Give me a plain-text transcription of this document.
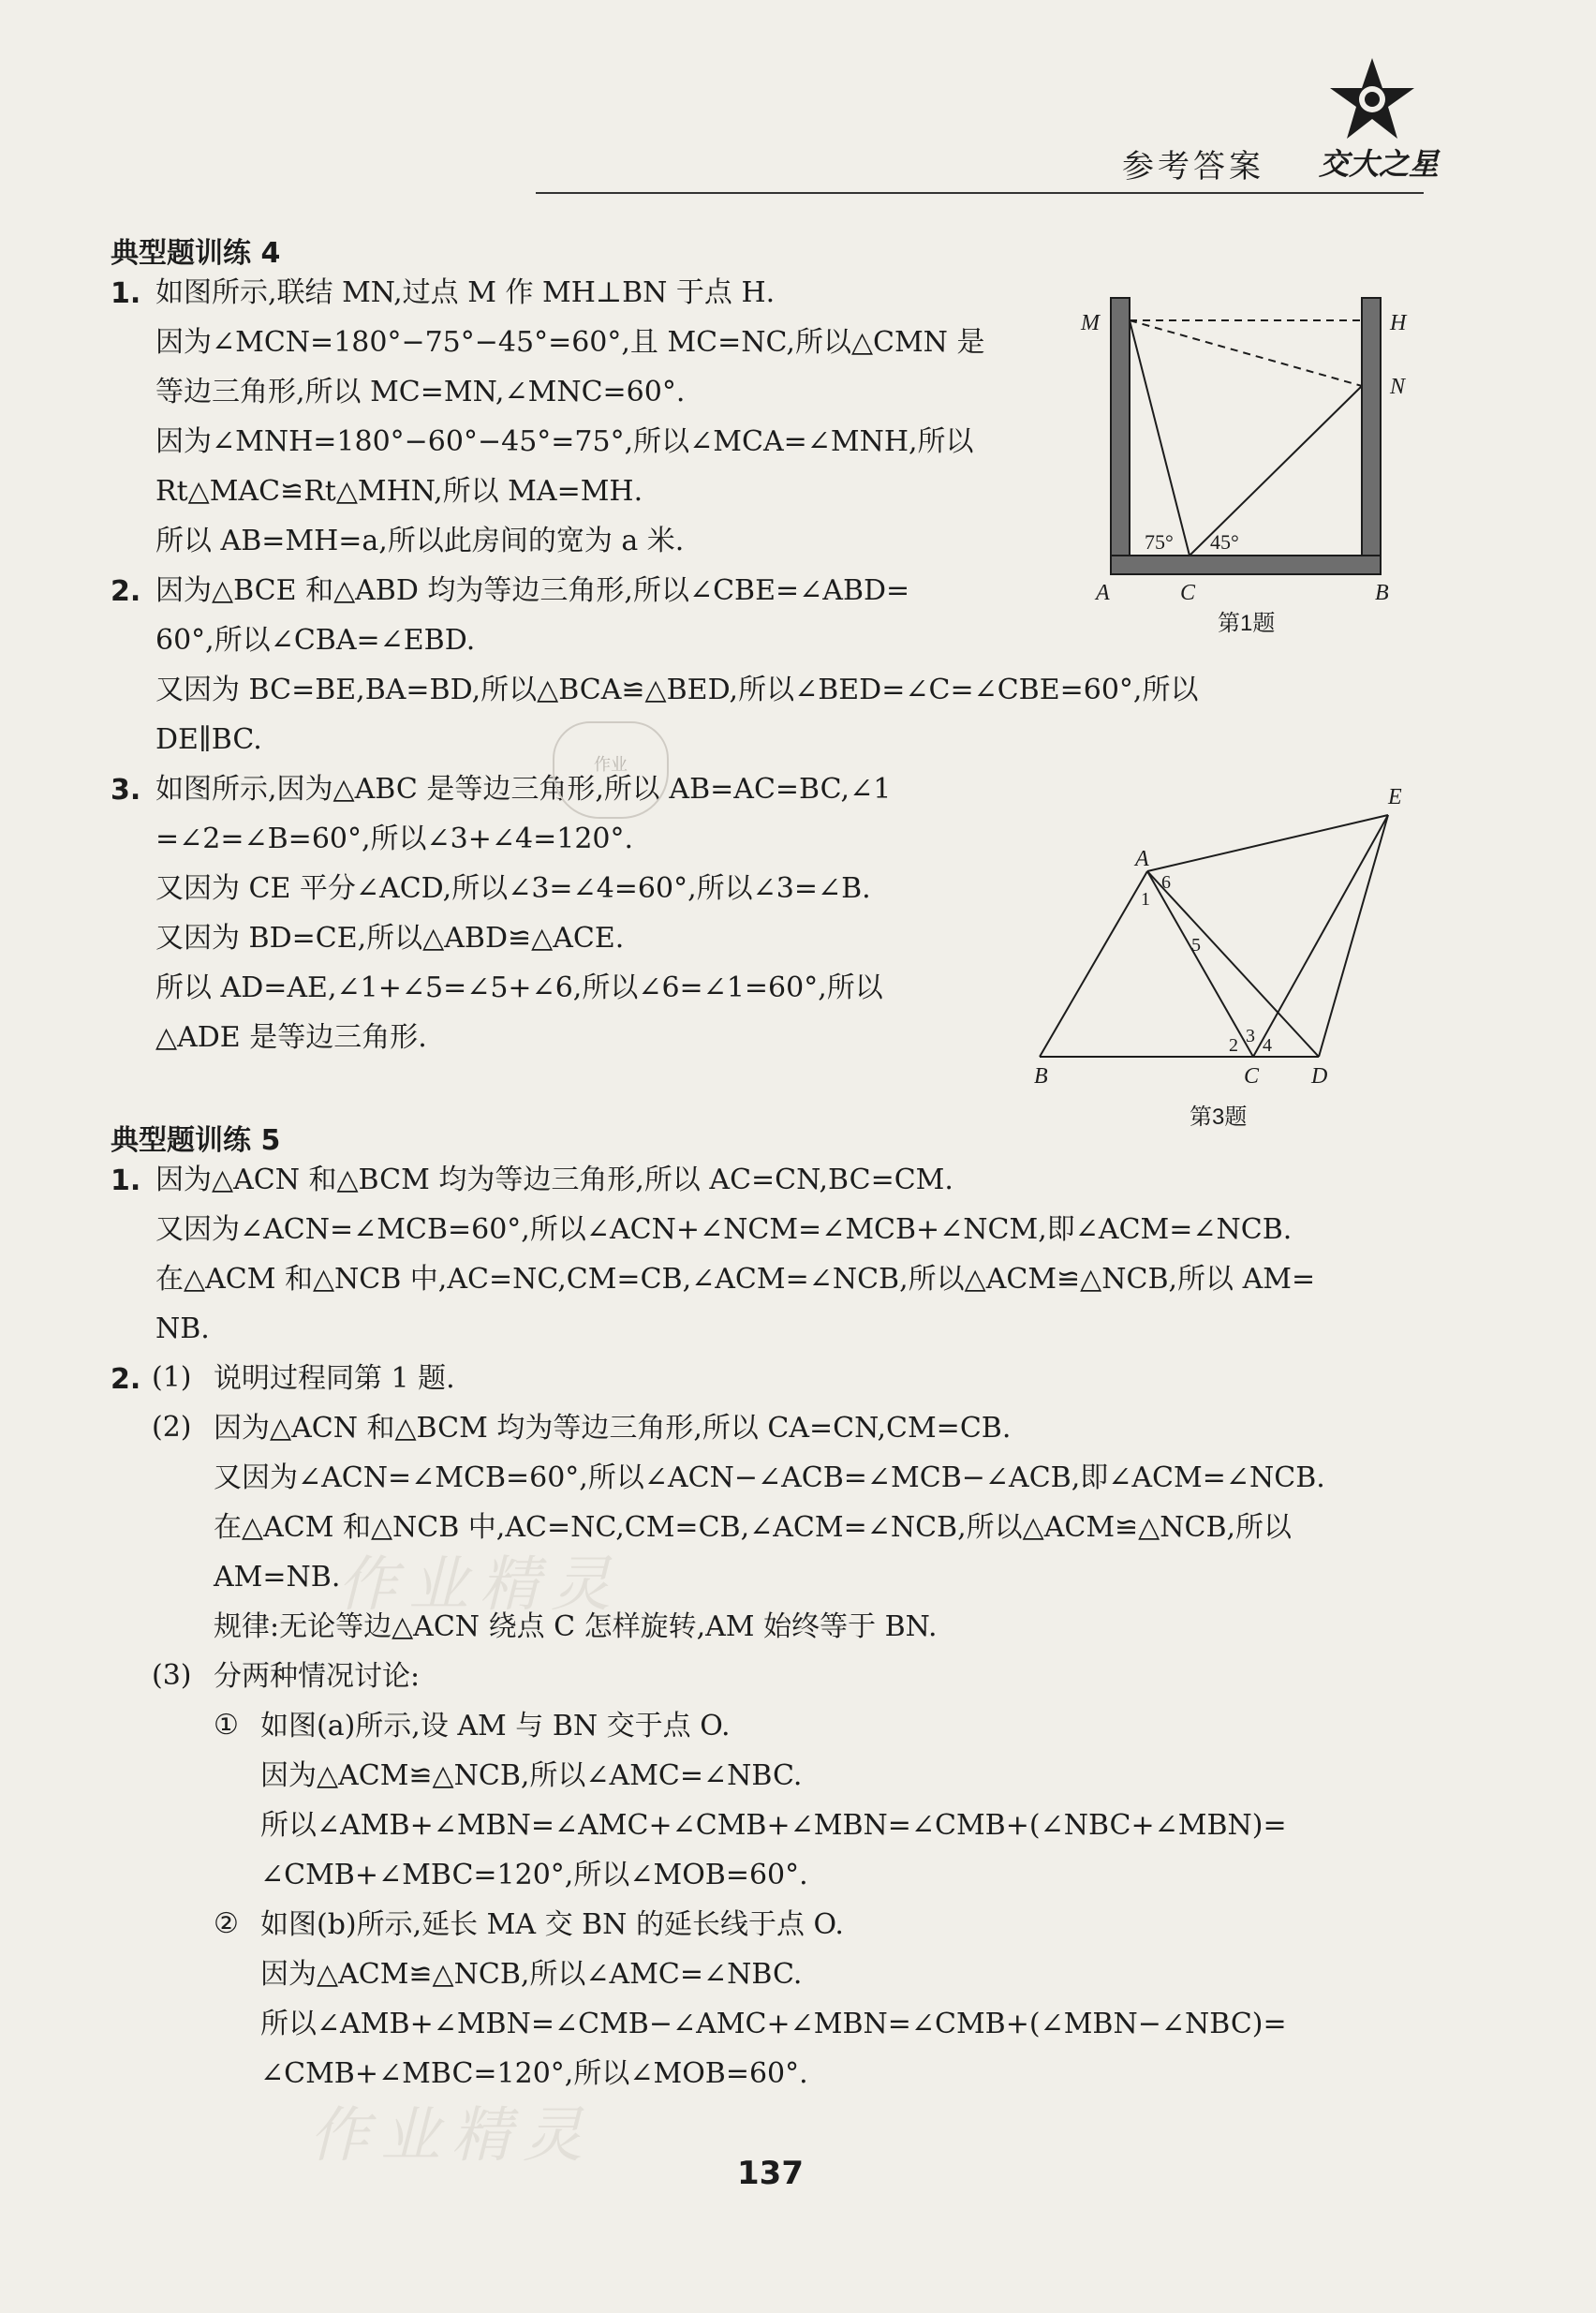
参考答案 交大之星
典型题训练 4
1. 如图所示,联结 MN,过点 M 作 MH⊥BN 于点 H.
因为∠MCN=180°−75°−45°=60°,且 MC=NC,所以△CMN 是
等边三角形,所以 MC=MN,∠MNC=60°.
因为∠MNH=180°−60°−45°=75°,所以∠MCA=∠MNH,所以
Rt△MAC≌Rt△MHN,所以 MA=MH.
所以 AB=MH=a,所以此房间的宽为 a 米.
2. 因为△BCE 和△ABD 均为等边三角形,所以∠CBE=∠ABD=
60°,所以∠CBA=∠EBD.
又因为 BC=BE,BA=BD,所以△BCA≌△BED,所以∠BED=∠C=∠CBE=60°,所以
DE∥BC.
3. 如图所示,因为△ABC 是等边三角形,所以 AB=AC=BC,∠1
=∠2=∠B=60°,所以∠3+∠4=120°.
又因为 CE 平分∠ACD,所以∠3=∠4=60°,所以∠3=∠B.
又因为 BD=CE,所以△ABD≌△ACE.
所以 AD=AE,∠1+∠5=∠5+∠6,所以∠6=∠1=60°,所以
△ADE 是等边三角形.
作业
M	H
N
A	C	B
75° 45°
第1题
A
E
B	C D
1
2 3 4
5
6
第3题
典型题训练 5
1. 因为△ACN 和△BCM 均为等边三角形,所以 AC=CN,BC=CM.
又因为∠ACN=∠MCB=60°,所以∠ACN+∠NCM=∠MCB+∠NCM,即∠ACM=∠NCB.
在△ACM 和△NCB 中,AC=NC,CM=CB,∠ACM=∠NCB,所以△ACM≌△NCB,所以 AM=
NB.
2. (1) 说明过程同第 1 题.
(2) 因为△ACN 和△BCM 均为等边三角形,所以 CA=CN,CM=CB.
又因为∠ACN=∠MCB=60°,所以∠ACN−∠ACB=∠MCB−∠ACB,即∠ACM=∠NCB.
在△ACM 和△NCB 中,AC=NC,CM=CB,∠ACM=∠NCB,所以△ACM≌△NCB,所以
AM=NB.
作业精灵
规律:无论等边△ACN 绕点 C 怎样旋转,AM 始终等于 BN.
(3) 分两种情况讨论:
① 如图(a)所示,设 AM 与 BN 交于点 O.
因为△ACM≌△NCB,所以∠AMC=∠NBC.
所以∠AMB+∠MBN=∠AMC+∠CMB+∠MBN=∠CMB+(∠NBC+∠MBN)=
∠CMB+∠MBC=120°,所以∠MOB=60°.
② 如图(b)所示,延长 MA 交 BN 的延长线于点 O.
因为△ACM≌△NCB,所以∠AMC=∠NBC.
所以∠AMB+∠MBN=∠CMB−∠AMC+∠MBN=∠CMB+(∠MBN−∠NBC)=
∠CMB+∠MBC=120°,所以∠MOB=60°.
作业精灵
137
